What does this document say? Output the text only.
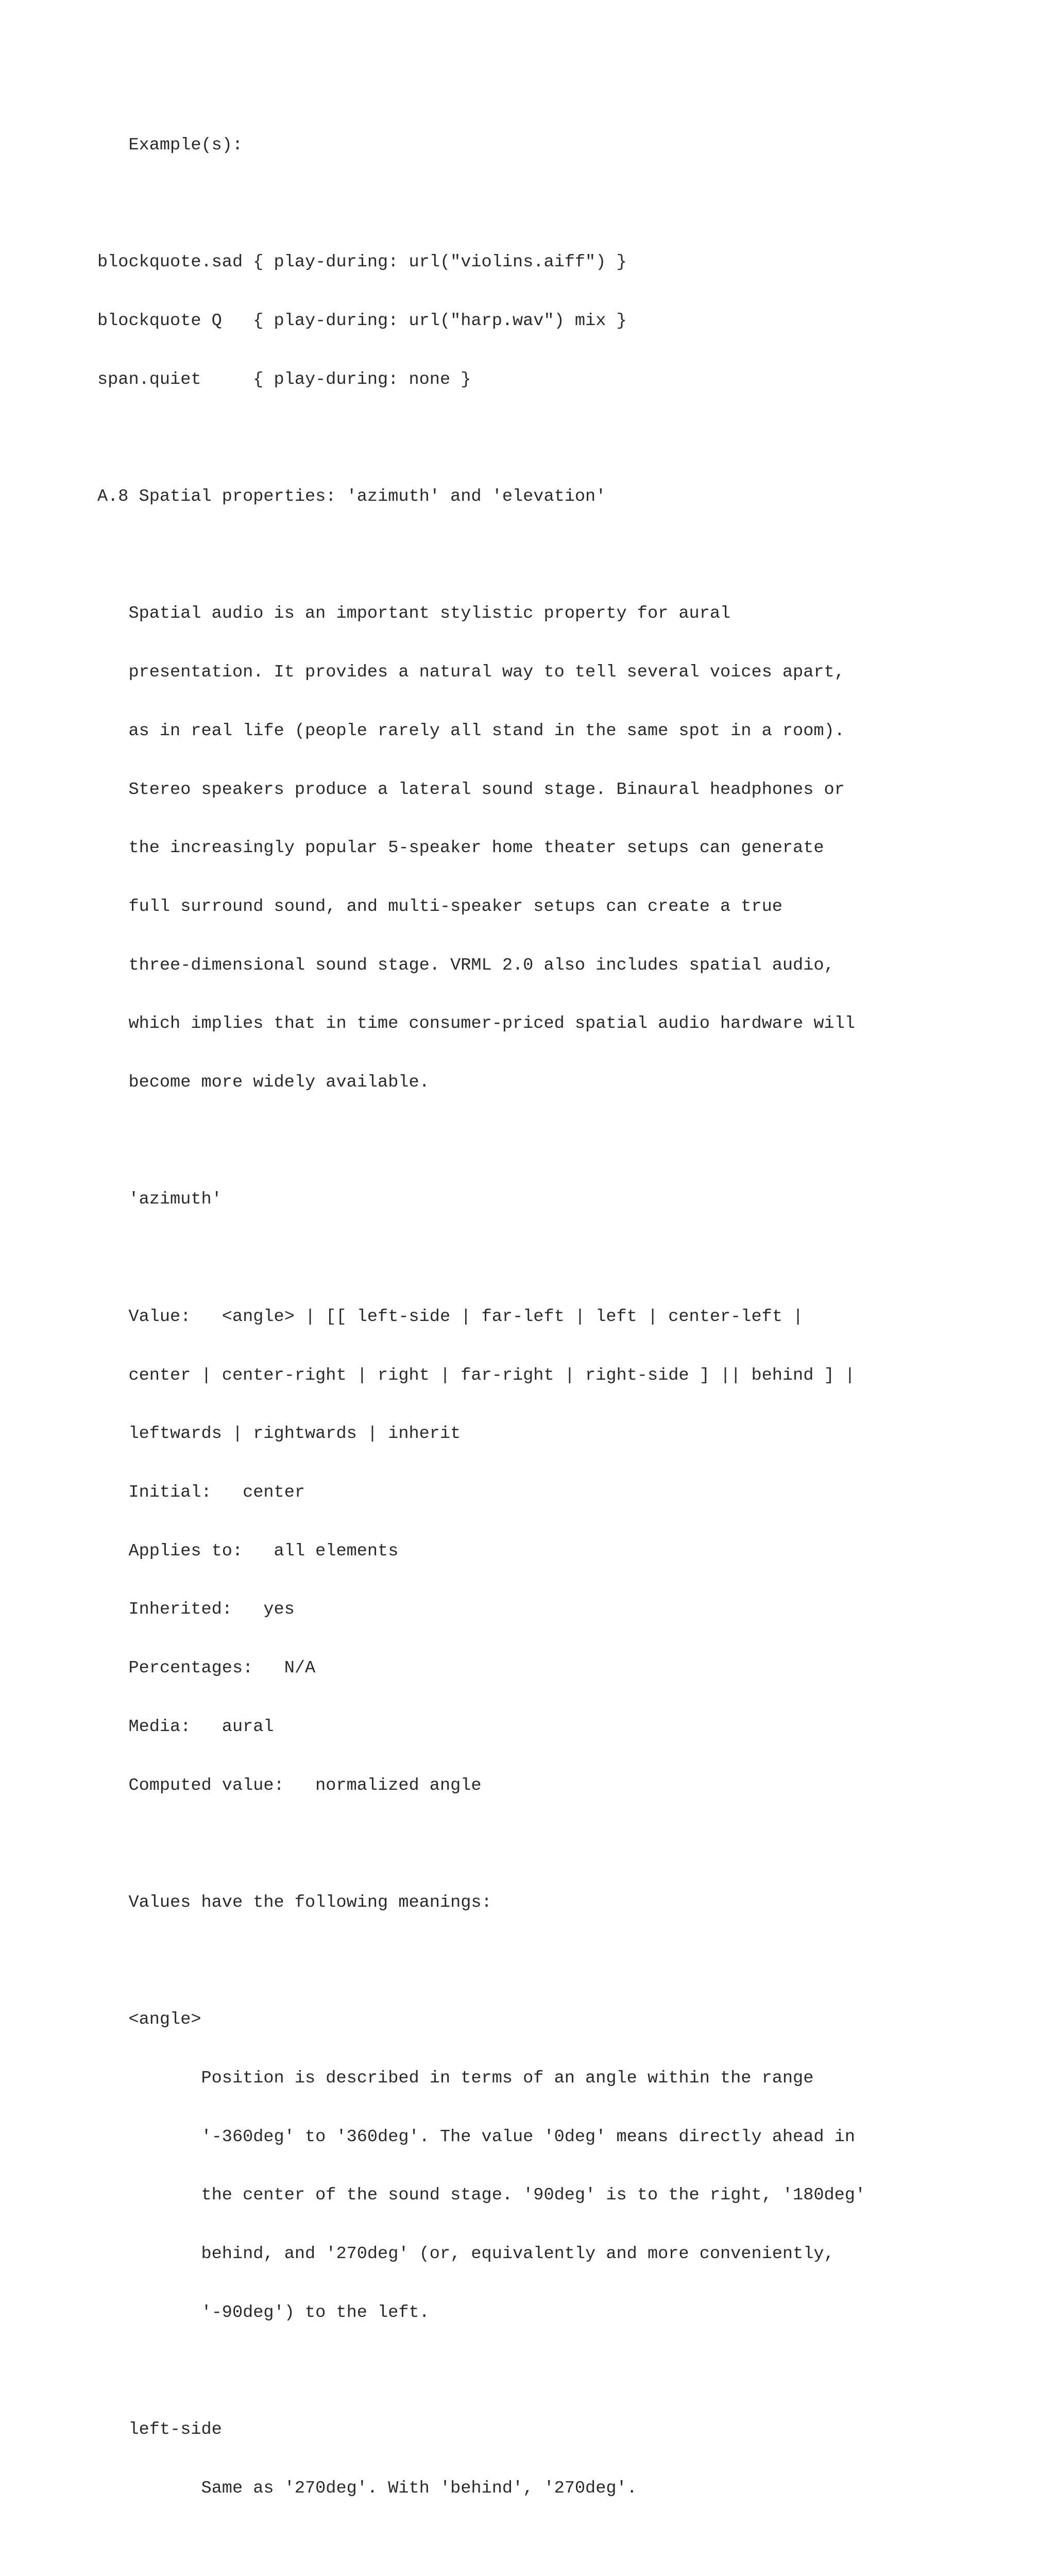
Example(s):

blockquote.sad { play-during: url("violins.aiff") }

blockquote Q   { play-during: url("harp.wav") mix }

span.quiet     { play-during: none }

A.8 Spatial properties: 'azimuth' and 'elevation'

Spatial audio is an important stylistic property for aural

presentation. It provides a natural way to tell several voices apart,

as in real life (people rarely all stand in the same spot in a room).

Stereo speakers produce a lateral sound stage. Binaural headphones or

the increasingly popular 5-speaker home theater setups can generate

full surround sound, and multi-speaker setups can create a true

three-dimensional sound stage. VRML 2.0 also includes spatial audio,

which implies that in time consumer-priced spatial audio hardware will

become more widely available.

'azimuth'

Value:   <angle> | [[ left-side | far-left | left | center-left |

center | center-right | right | far-right | right-side ] || behind ] |

leftwards | rightwards | inherit

Initial:   center

Applies to:   all elements

Inherited:   yes

Percentages:   N/A

Media:   aural

Computed value:   normalized angle

Values have the following meanings:

<angle>

Position is described in terms of an angle within the range

'-360deg' to '360deg'. The value '0deg' means directly ahead in

the center of the sound stage. '90deg' is to the right, '180deg'

behind, and '270deg' (or, equivalently and more conveniently,

'-90deg') to the left.

left-side

Same as '270deg'. With 'behind', '270deg'.
